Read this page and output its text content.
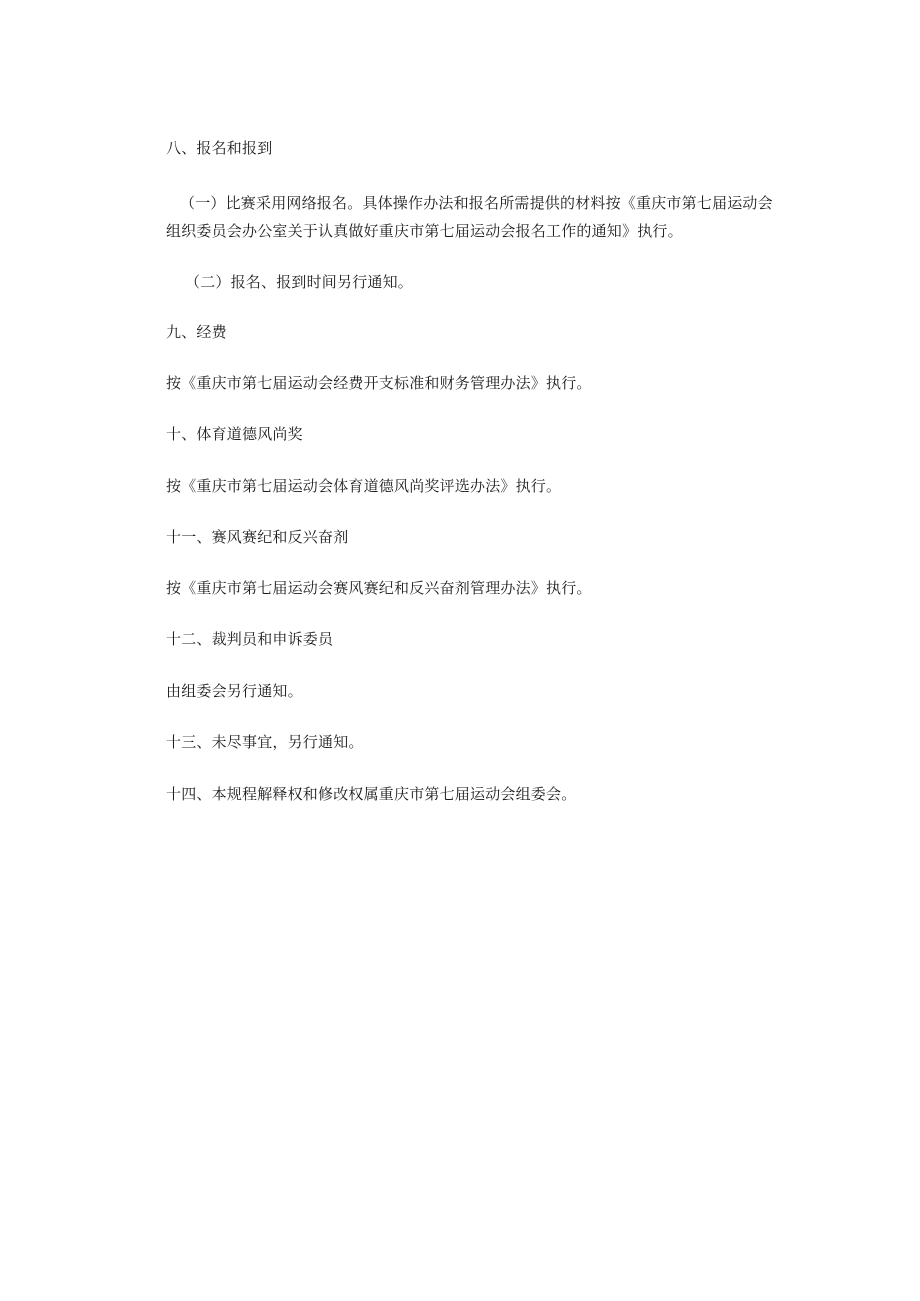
八、报名和报到
（一）比赛采用网络报名。具体操作办法和报名所需提供的材料按《重庆市第七届运动会
组织委员会办公室关于认真做好重庆市第七届运动会报名工作的通知》执行。
（二）报名、报到时间另行通知。
九、经费
按《重庆市第七届运动会经费开支标准和财务管理办法》执行。
十、体育道德风尚奖
按《重庆市第七届运动会体育道德风尚奖评选办法》执行。
十一、赛风赛纪和反兴奋剂
按《重庆市第七届运动会赛风赛纪和反兴奋剂管理办法》执行。
十二、裁判员和申诉委员
由组委会另行通知。
十三、未尽事宜，另行通知。
十四、本规程解释权和修改权属重庆市第七届运动会组委会。
